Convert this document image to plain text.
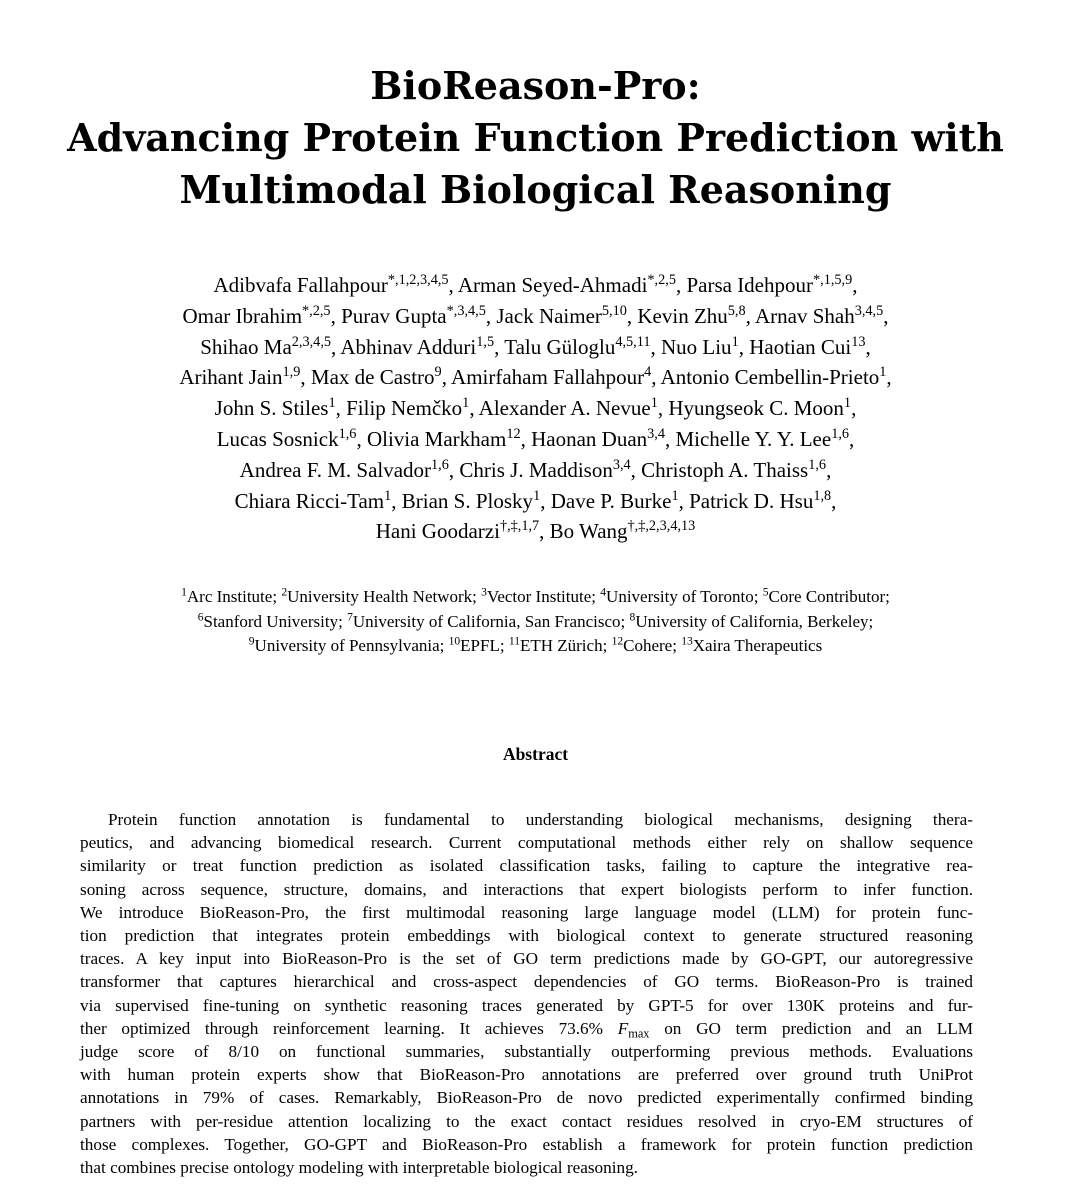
BioReason-Pro:
Advancing Protein Function Prediction with
Multimodal Biological Reasoning
Adibvafa Fallahpour$^{*,1,2,3,4,5}$, Arman Seyed-Ahmadi$^{*,2,5}$, Parsa Idehpour$^{*,1,5,9}$,
Omar Ibrahim$^{*,2,5}$, Purav Gupta$^{*,3,4,5}$, Jack Naimer$^{5,10}$, Kevin Zhu$^{5,8}$, Arnav Shah$^{3,4,5}$,
Shihao Ma$^{2,3,4,5}$, Abhinav Adduri$^{1,5}$, Talu Güloglu$^{4,5,11}$, Nuo Liu$^1$, Haotian Cui$^{13}$,
Arihant Jain$^{1,9}$, Max de Castro$^9$, Amirfaham Fallahpour$^4$, Antonio Cembellin-Prieto$^1$,
John S. Stiles$^1$, Filip Nemčko$^1$, Alexander A. Nevue$^1$, Hyungseok C. Moon$^1$,
Lucas Sosnick$^{1,6}$, Olivia Markham$^{12}$, Haonan Duan$^{3,4}$, Michelle Y. Y. Lee$^{1,6}$,
Andrea F. M. Salvador$^{1,6}$, Chris J. Maddison$^{3,4}$, Christoph A. Thaiss$^{1,6}$,
Chiara Ricci-Tam$^1$, Brian S. Plosky$^1$, Dave P. Burke$^1$, Patrick D. Hsu$^{1,8}$,
Hani Goodarzi$^{\dagger,\ddagger,1,7}$, Bo Wang$^{\dagger,\ddagger,2,3,4,13}$
$^1$Arc Institute; $^2$University Health Network; $^3$Vector Institute; $^4$University of Toronto; $^5$Core Contributor;
$^6$Stanford University; $^7$University of California, San Francisco; $^8$University of California, Berkeley;
$^9$University of Pennsylvania; $^{10}$EPFL; $^{11}$ETH Zürich; $^{12}$Cohere; $^{13}$Xaira Therapeutics
Abstract
Protein function annotation is fundamental to understanding biological mechanisms, designing thera-
peutics, and advancing biomedical research. Current computational methods either rely on shallow sequence
similarity or treat function prediction as isolated classification tasks, failing to capture the integrative rea-
soning across sequence, structure, domains, and interactions that expert biologists perform to infer function.
We introduce BioReason-Pro, the first multimodal reasoning large language model (LLM) for protein func-
tion prediction that integrates protein embeddings with biological context to generate structured reasoning
traces. A key input into BioReason-Pro is the set of GO term predictions made by GO-GPT, our autoregressive
transformer that captures hierarchical and cross-aspect dependencies of GO terms. BioReason-Pro is trained
via supervised fine-tuning on synthetic reasoning traces generated by GPT-5 for over 130K proteins and fur-
ther optimized through reinforcement learning. It achieves 73.6% $F_{max}$ on GO term prediction and an LLM
judge score of 8/10 on functional summaries, substantially outperforming previous methods. Evaluations
with human protein experts show that BioReason-Pro annotations are preferred over ground truth UniProt
annotations in 79% of cases. Remarkably, BioReason-Pro de novo predicted experimentally confirmed binding
partners with per-residue attention localizing to the exact contact residues resolved in cryo-EM structures of
those complexes. Together, GO-GPT and BioReason-Pro establish a framework for protein function prediction
that combines precise ontology modeling with interpretable biological reasoning.
